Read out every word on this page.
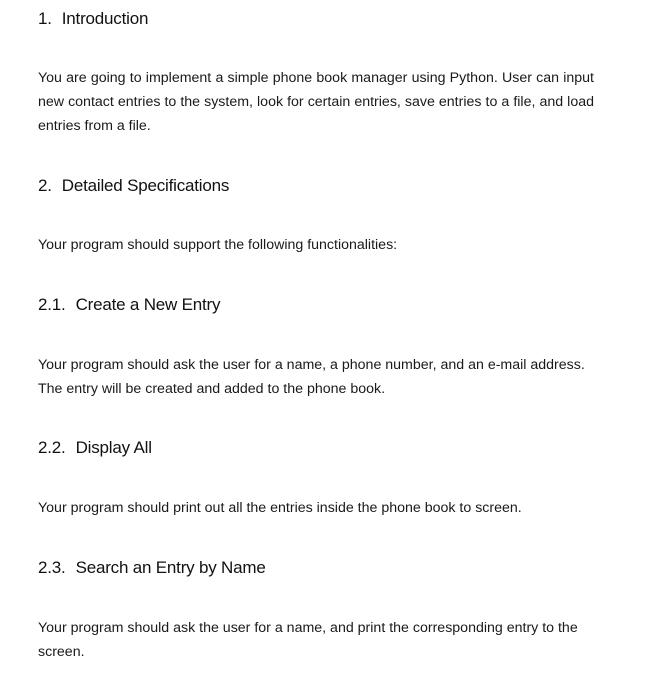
1. Introduction

You are going to implement a simple phone book manager using Python. User can input new contact entries to the system, look for certain entries, save entries to a file, and load entries from a file.

2. Detailed Specifications

Your program should support the following functionalities:

2.1. Create a New Entry

Your program should ask the user for a name, a phone number, and an e-mail address. The entry will be created and added to the phone book.

2.2. Display All

Your program should print out all the entries inside the phone book to screen.

2.3. Search an Entry by Name

Your program should ask the user for a name, and print the corresponding entry to the screen.
